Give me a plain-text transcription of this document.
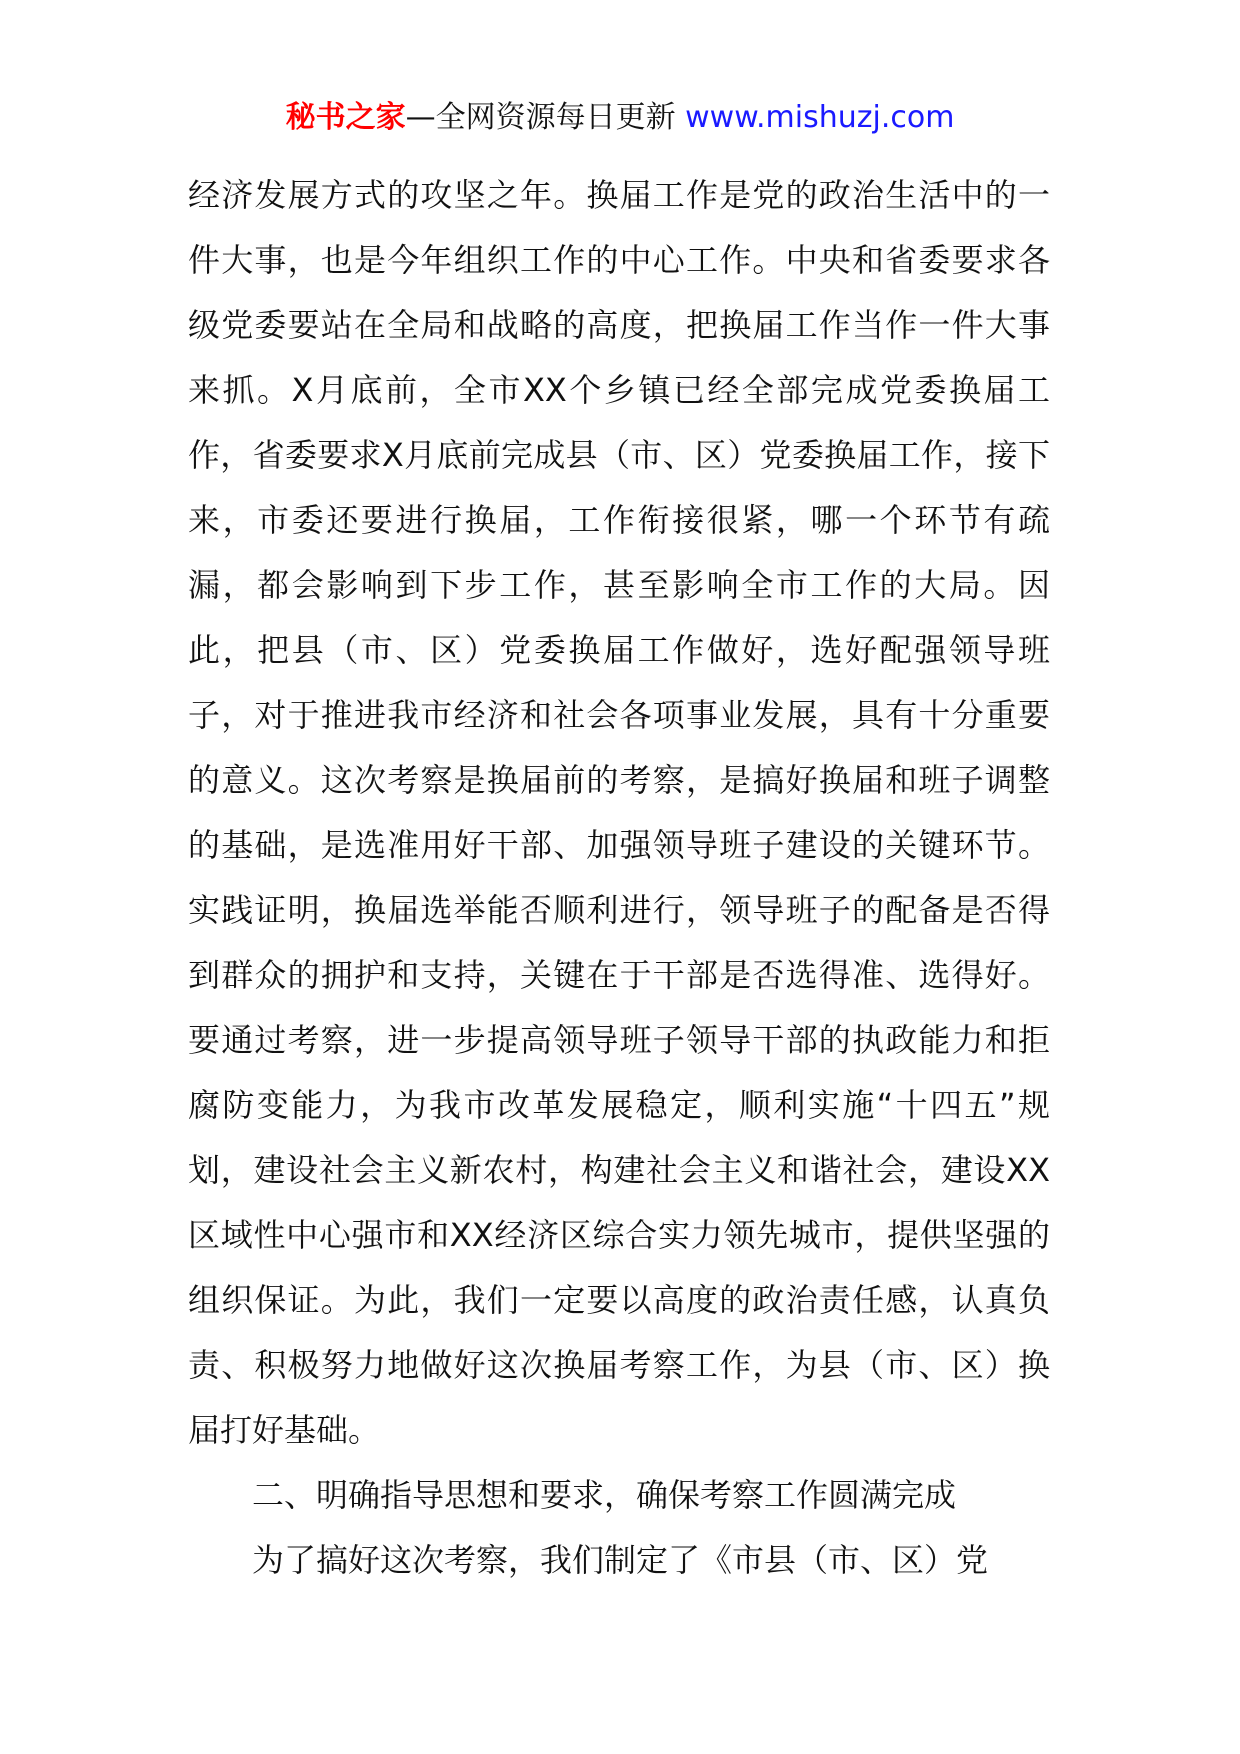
秘书之家—全网资源每日更新 www.mishuzj.com

经济发展方式的攻坚之年。换届工作是党的政治生活中的一件大事，也是今年组织工作的中心工作。中央和省委要求各级党委要站在全局和战略的高度，把换届工作当作一件大事来抓。X月底前，全市XX个乡镇已经全部完成党委换届工作，省委要求X月底前完成县（市、区）党委换届工作，接下来，市委还要进行换届，工作衔接很紧，哪一个环节有疏漏，都会影响到下步工作，甚至影响全市工作的大局。因此，把县（市、区）党委换届工作做好，选好配强领导班子，对于推进我市经济和社会各项事业发展，具有十分重要的意义。这次考察是换届前的考察，是搞好换届和班子调整的基础，是选准用好干部、加强领导班子建设的关键环节。实践证明，换届选举能否顺利进行，领导班子的配备是否得到群众的拥护和支持，关键在于干部是否选得准、选得好。要通过考察，进一步提高领导班子领导干部的执政能力和拒腐防变能力，为我市改革发展稳定，顺利实施“十四五”规划，建设社会主义新农村，构建社会主义和谐社会，建设XX区域性中心强市和XX经济区综合实力领先城市，提供坚强的组织保证。为此，我们一定要以高度的政治责任感，认真负责、积极努力地做好这次换届考察工作，为县（市、区）换届打好基础。

二、明确指导思想和要求，确保考察工作圆满完成

为了搞好这次考察，我们制定了《市县（市、区）党
